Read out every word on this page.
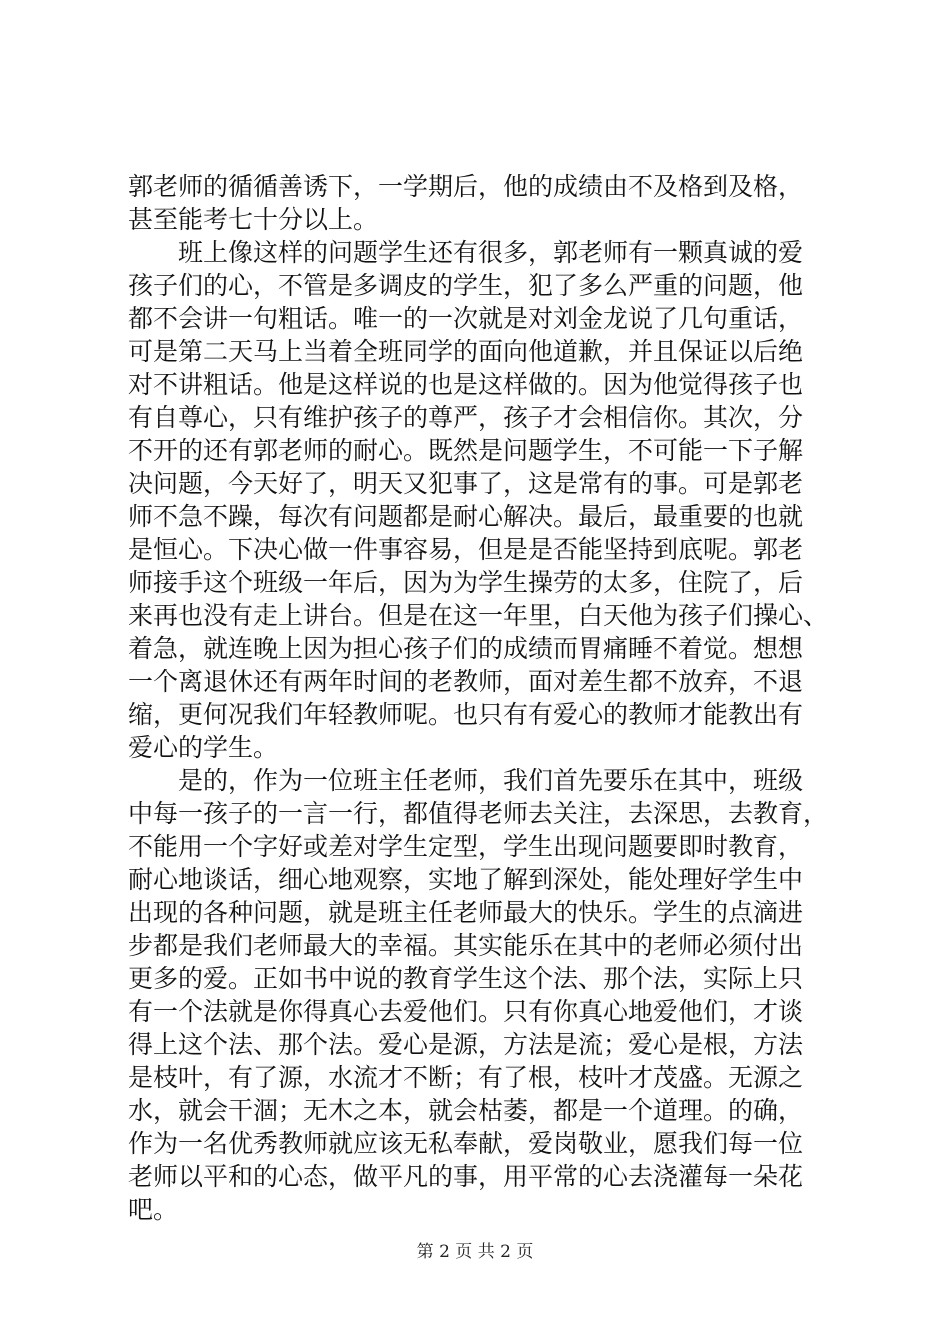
郭老师的循循善诱下，一学期后，他的成绩由不及格到及格，
甚至能考七十分以上。
　　班上像这样的问题学生还有很多，郭老师有一颗真诚的爱
孩子们的心，不管是多调皮的学生，犯了多么严重的问题，他
都不会讲一句粗话。唯一的一次就是对刘金龙说了几句重话，
可是第二天马上当着全班同学的面向他道歉，并且保证以后绝
对不讲粗话。他是这样说的也是这样做的。因为他觉得孩子也
有自尊心，只有维护孩子的尊严，孩子才会相信你。其次，分
不开的还有郭老师的耐心。既然是问题学生，不可能一下子解
决问题，今天好了，明天又犯事了，这是常有的事。可是郭老
师不急不躁，每次有问题都是耐心解决。最后，最重要的也就
是恒心。下决心做一件事容易，但是是否能坚持到底呢。郭老
师接手这个班级一年后，因为为学生操劳的太多，住院了，后
来再也没有走上讲台。但是在这一年里，白天他为孩子们操心、
着急，就连晚上因为担心孩子们的成绩而胃痛睡不着觉。想想
一个离退休还有两年时间的老教师，面对差生都不放弃，不退
缩，更何况我们年轻教师呢。也只有有爱心的教师才能教出有
爱心的学生。
　　是的，作为一位班主任老师，我们首先要乐在其中，班级
中每一孩子的一言一行，都值得老师去关注，去深思，去教育，
不能用一个字好或差对学生定型，学生出现问题要即时教育，
耐心地谈话，细心地观察，实地了解到深处，能处理好学生中
出现的各种问题，就是班主任老师最大的快乐。学生的点滴进
步都是我们老师最大的幸福。其实能乐在其中的老师必须付出
更多的爱。正如书中说的教育学生这个法、那个法，实际上只
有一个法就是你得真心去爱他们。只有你真心地爱他们，才谈
得上这个法、那个法。爱心是源，方法是流；爱心是根，方法
是枝叶，有了源，水流才不断；有了根，枝叶才茂盛。无源之
水，就会干涸；无木之本，就会枯萎，都是一个道理。的确，
作为一名优秀教师就应该无私奉献，爱岗敬业，愿我们每一位
老师以平和的心态，做平凡的事，用平常的心去浇灌每一朵花
吧。
第 2 页 共 2 页
